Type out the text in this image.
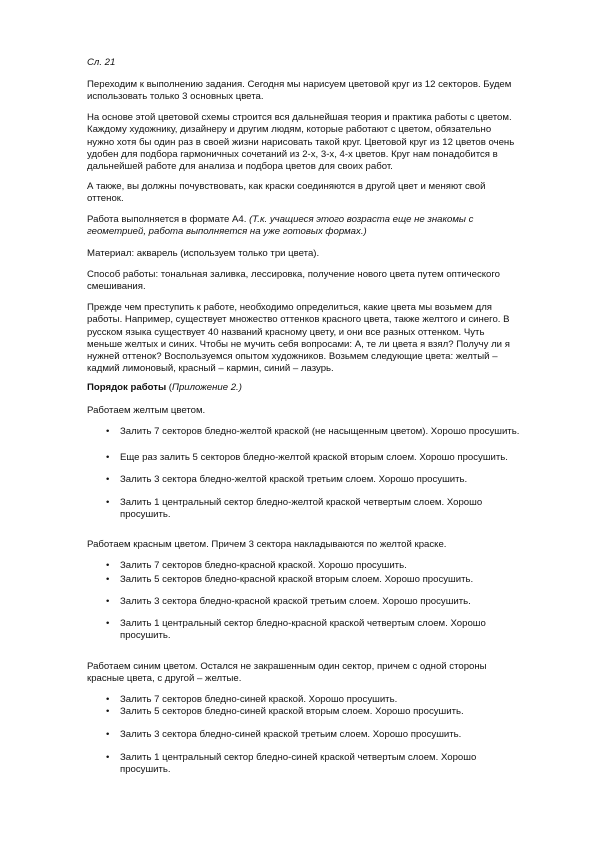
Сл. 21

Переходим к выполнению задания. Сегодня мы нарисуем цветовой круг из 12 секторов. Будем использовать только 3 основных цвета.

На основе этой цветовой схемы строится вся дальнейшая теория и практика работы с цветом. Каждому художнику, дизайнеру и другим людям, которые работают с цветом, обязательно нужно хотя бы один раз в своей жизни нарисовать такой круг. Цветовой круг из 12 цветов очень удобен для подбора гармоничных сочетаний из 2-х, 3-х, 4-х цветов. Круг нам понадобится в дальнейшей работе для анализа и подбора цветов для своих работ.

А также, вы должны почувствовать, как краски соединяются в другой цвет и меняют свой оттенок.

Работа выполняется в формате А4. (Т.к. учащиеся этого возраста еще не знакомы с геометрией, работа выполняется на уже готовых формах.)

Материал: акварель (используем только три цвета).

Способ работы: тональная заливка, лессировка, получение нового цвета путем оптического смешивания.

Прежде чем преступить к работе, необходимо определиться, какие цвета мы возьмем для работы. Например, существует множество оттенков красного цвета, также желтого и синего. В русском языка существует 40 названий красному цвету, и они все разных оттенком. Чуть меньше желтых и синих. Чтобы не мучить себя вопросами: А, те ли цвета я взял? Получу ли я нужней оттенок? Воспользуемся опытом художников. Возьмем следующие цвета: желтый – кадмий лимоновый, красный – кармин, синий – лазурь.

Порядок работы (Приложение 2.)

Работаем желтым цветом.

• Залить 7 секторов бледно-желтой краской (не насыщенным цветом). Хорошо просушить.
• Еще раз залить 5 секторов бледно-желтой краской вторым слоем. Хорошо просушить.
• Залить 3 сектора бледно-желтой краской третьим слоем. Хорошо просушить.
• Залить 1 центральный сектор бледно-желтой краской четвертым слоем. Хорошо просушить.

Работаем красным цветом. Причем 3 сектора накладываются по желтой краске.

• Залить 7 секторов бледно-красной краской. Хорошо просушить.
• Залить 5 секторов бледно-красной краской вторым слоем. Хорошо просушить.
• Залить 3 сектора бледно-красной краской третьим слоем. Хорошо просушить.
• Залить 1 центральный сектор бледно-красной краской четвертым слоем. Хорошо просушить.

Работаем синим цветом. Остался не закрашенным один сектор, причем с одной стороны красные цвета, с другой – желтые.

• Залить 7 секторов бледно-синей краской. Хорошо просушить.
• Залить 5 секторов бледно-синей краской вторым слоем. Хорошо просушить.
• Залить 3 сектора бледно-синей краской третьим слоем. Хорошо просушить.
• Залить 1 центральный сектор бледно-синей краской четвертым слоем. Хорошо просушить.
